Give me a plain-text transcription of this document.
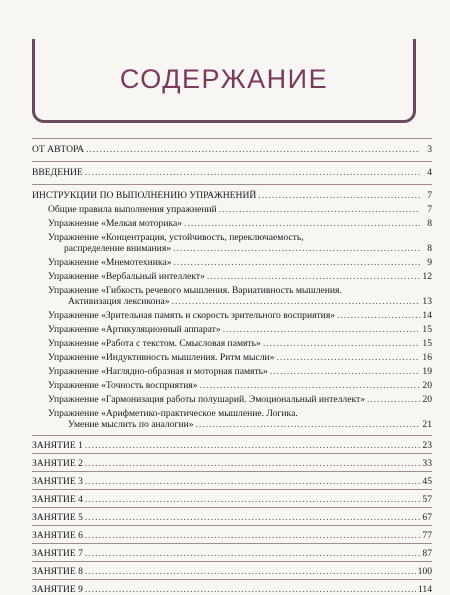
СОДЕРЖАНИЕ
ОТ АВТОРА .....	3
ВВЕДЕНИЕ .....	4
ИНСТРУКЦИИ ПО ВЫПОЛНЕНИЮ УПРАЖНЕНИЙ .....	7
Общие правила выполнения упражнений .....	7
Упражнение «Мелкая моторика» .....	8
Упражнение «Концентрация, устойчивость, переключаемость,
распределение внимания» .....	8
Упражнение «Мнемотехника» .....	9
Упражнение «Вербальный интеллект» .....	12
Упражнение «Гибкость речевого мышления. Вариативность мышления.
Активизация лексикона» .....	13
Упражнение «Зрительная память и скорость зрительного восприятия» .....	14
Упражнение «Артикуляционный аппарат» .....	15
Упражнение «Работа с текстом. Смысловая память» .....	15
Упражнение «Индуктивность мышления. Ритм мысли» .....	16
Упражнение «Наглядно-образная и моторная память» .....	19
Упражнение «Точность восприятия» .....	20
Упражнение «Гармонизация работы полушарий. Эмоциональный интеллект» .....	20
Упражнение «Арифметико-практическое мышление. Логика.
Умение мыслить по аналогии» .....	21
ЗАНЯТИЕ 1 .....	23
ЗАНЯТИЕ 2 .....	33
ЗАНЯТИЕ 3 .....	45
ЗАНЯТИЕ 4 .....	57
ЗАНЯТИЕ 5 .....	67
ЗАНЯТИЕ 6 .....	77
ЗАНЯТИЕ 7 .....	87
ЗАНЯТИЕ 8 .....	100
ЗАНЯТИЕ 9 .....	114
